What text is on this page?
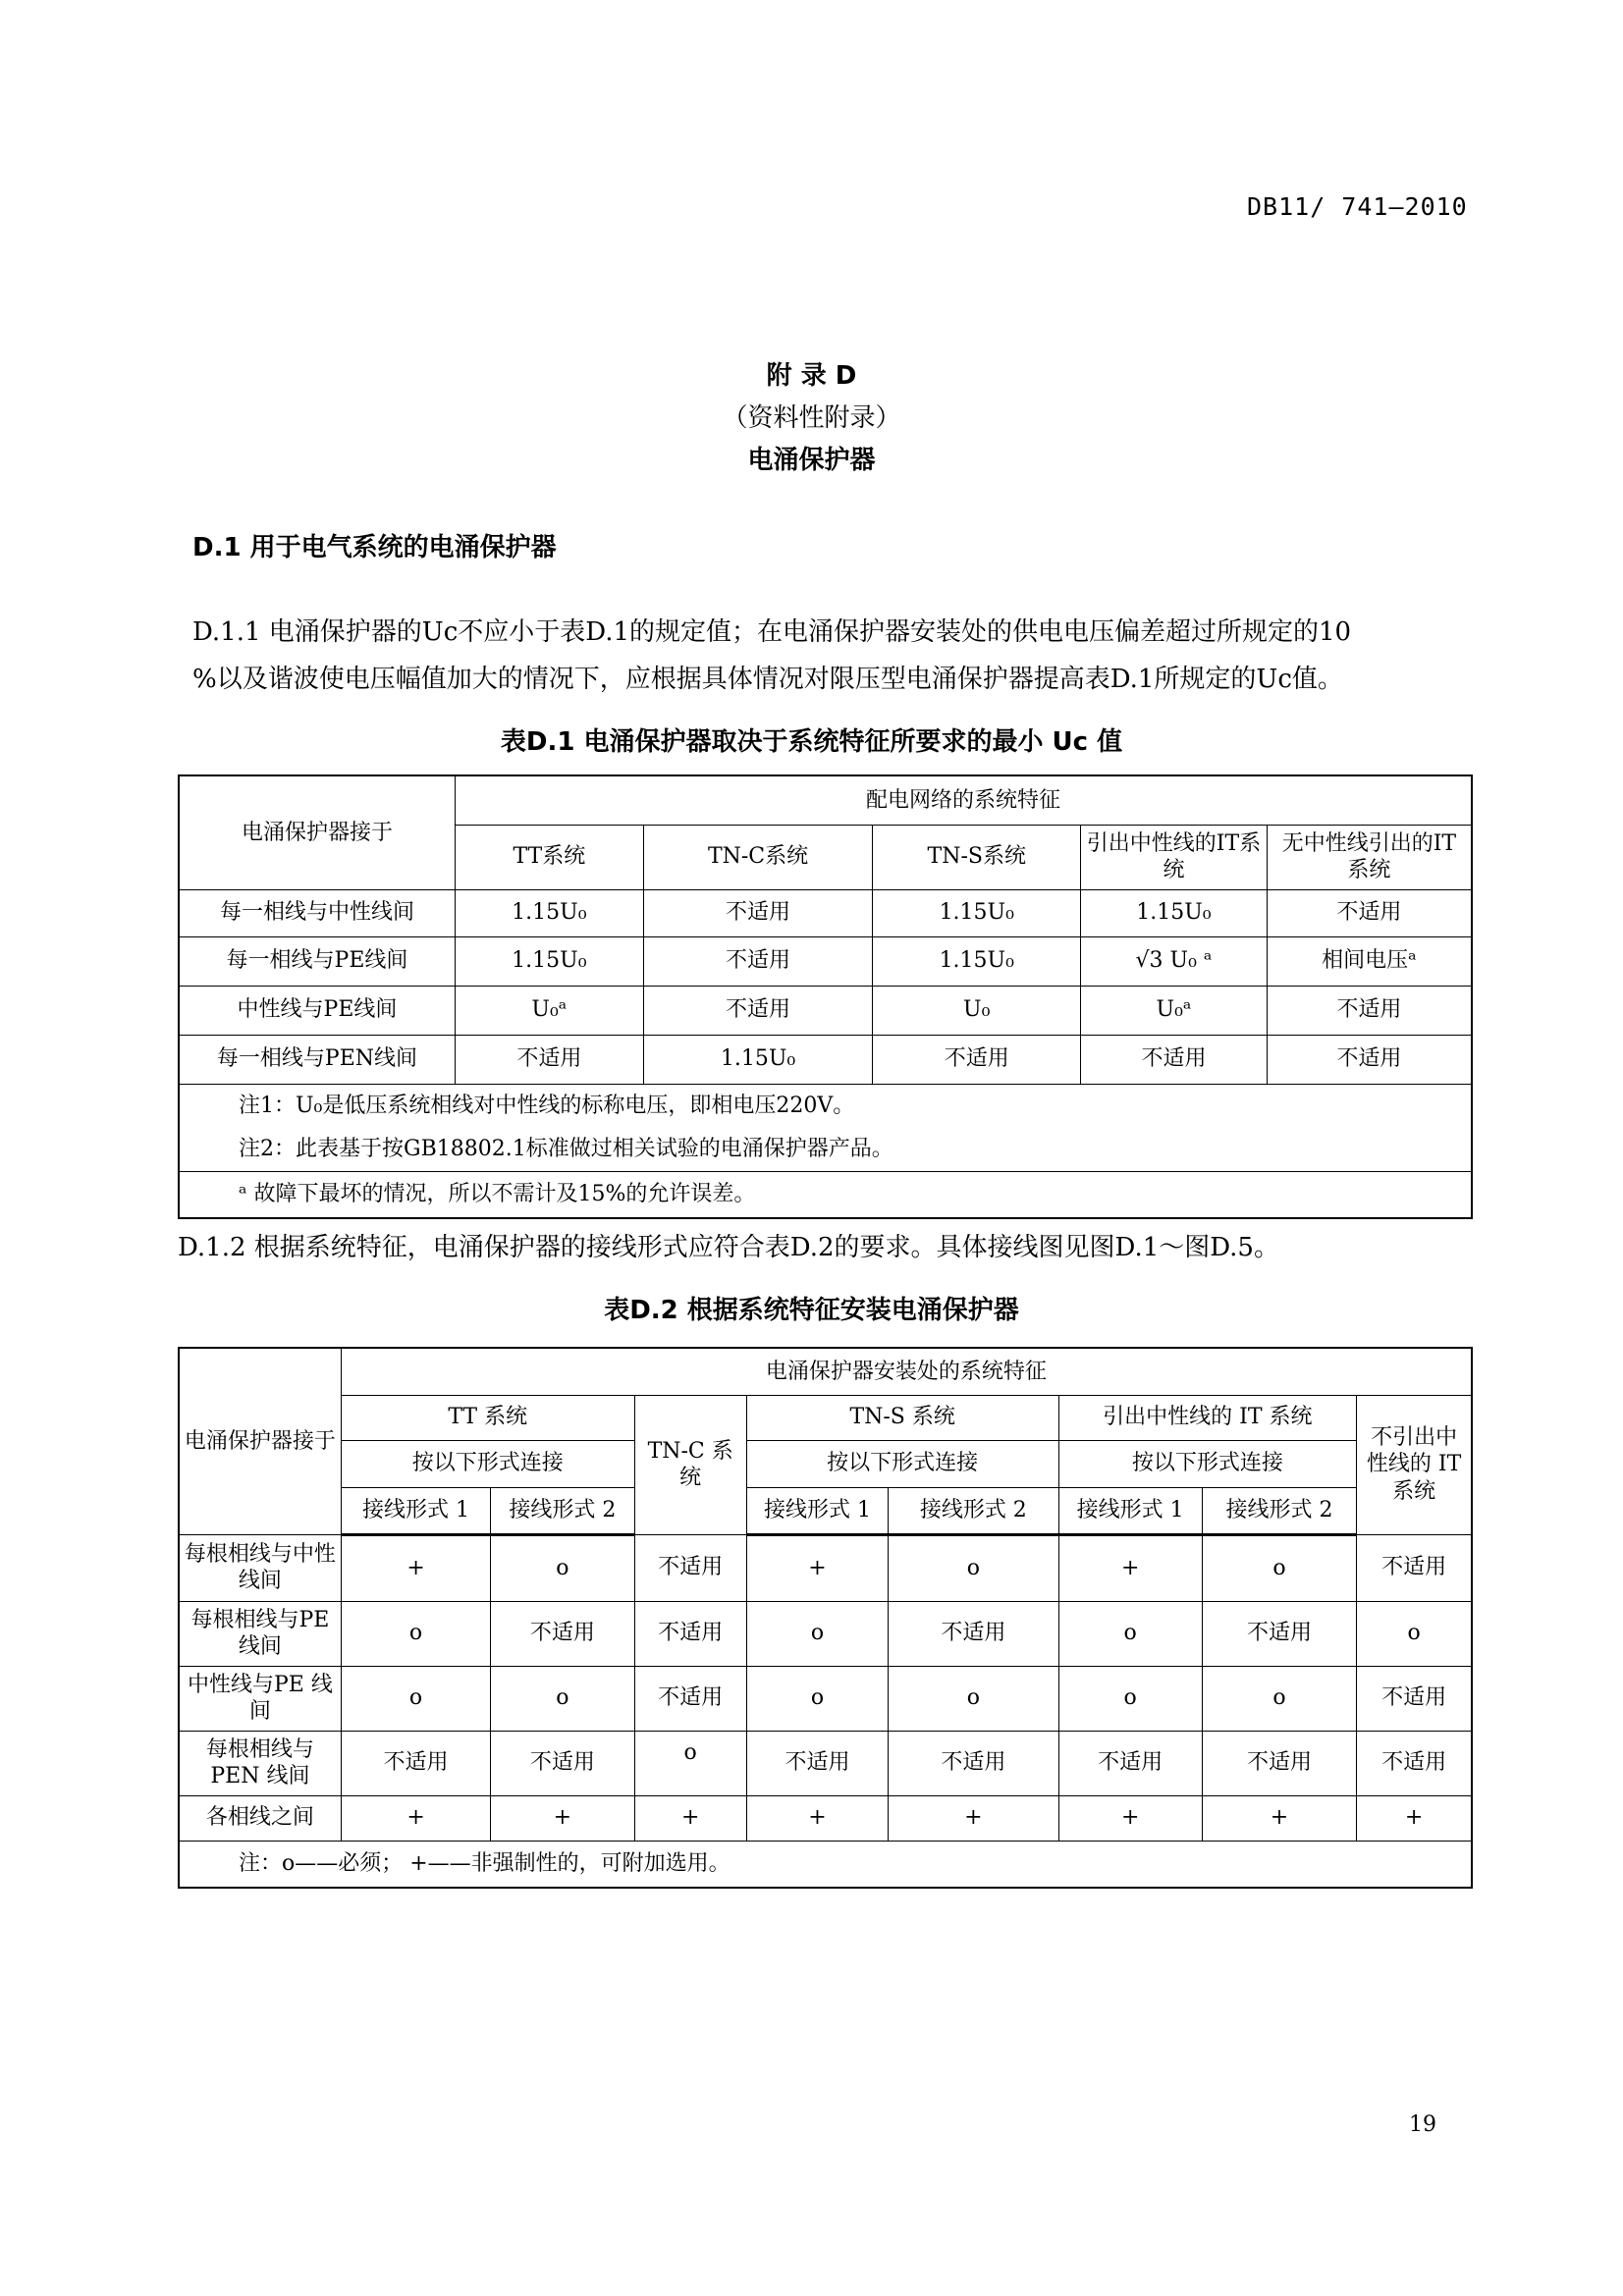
DB11/ 741—2010
附 录 D
（资料性附录）
电涌保护器
D.1 用于电气系统的电涌保护器
D.1.1 电涌保护器的Uc不应小于表D.1的规定值；在电涌保护器安装处的供电电压偏差超过所规定的10
%以及谐波使电压幅值加大的情况下，应根据具体情况对限压型电涌保护器提高表D.1所规定的Uc值。
表D.1 电涌保护器取决于系统特征所要求的最小 Uc 值
电涌保护器接于	配电网络的系统特征				
	TT系统	TN-C系统	TN-S系统	引出中性线的IT系统	无中性线引出的IT系统
每一相线与中性线间	1.15U₀	不适用	1.15U₀	1.15U₀	不适用
每一相线与PE线间	1.15U₀	不适用	1.15U₀	√3 U₀ ᵃ	相间电压ᵃ
中性线与PE线间	U₀ᵃ	不适用	U₀	U₀ᵃ	不适用
每一相线与PEN线间	不适用	1.15U₀	不适用	不适用	不适用

注1：U₀是低压系统相线对中性线的标称电压，即相电压220V。
注2：此表基于按GB18802.1标准做过相关试验的电涌保护器产品。					

ᵃ 故障下最坏的情况，所以不需计及15%的允许误差。					
D.1.2 根据系统特征，电涌保护器的接线形式应符合表D.2的要求。具体接线图见图D.1～图D.5。
表D.2 根据系统特征安装电涌保护器
电涌保护器接于	电涌保护器安装处的系统特征							
	TT 系统		TN-C 系统	TN-S 系统		引出中性线的 IT 系统		不引出中性线的 IT 系统
	按以下形式连接			按以下形式连接		按以下形式连接		
	接线形式 1	接线形式 2		接线形式 1	接线形式 2	接线形式 1	接线形式 2	
每根相线与中性线间	+	o	不适用	+	o	+	o	不适用
每根相线与PE 线间	o	不适用	不适用	o	不适用	o	不适用	o
中性线与PE 线间	o	o	不适用	o	o	o	o	不适用
每根相线与PEN 线间	不适用	不适用	o	不适用	不适用	不适用	不适用	不适用
各相线之间	+	+	+	+	+	+	+	+
注：o——必须； +——非强制性的，可附加选用。								
19
